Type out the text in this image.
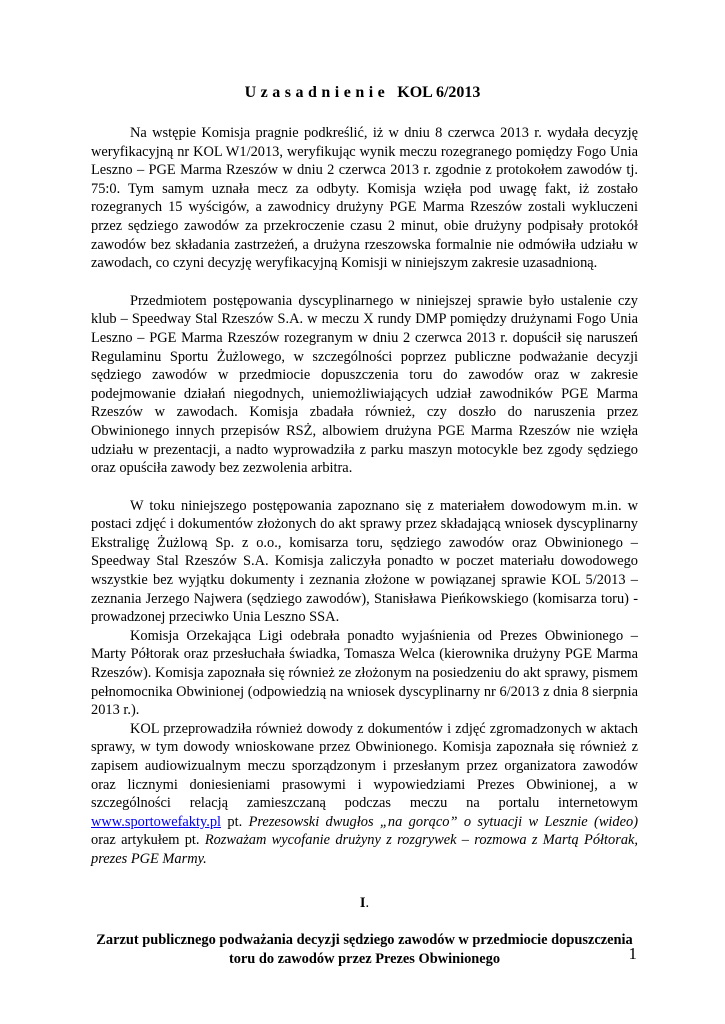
Uzasadnienie KOL 6/2013

Na wstępie Komisja pragnie podkreślić, iż w dniu 8 czerwca 2013 r. wydała decyzję weryfikacyjną nr KOL W1/2013, weryfikując wynik meczu rozegranego pomiędzy Fogo Unia Leszno – PGE Marma Rzeszów w dniu 2 czerwca 2013 r. zgodnie z protokołem zawodów tj. 75:0. Tym samym uznała mecz za odbyty. Komisja wzięła pod uwagę fakt, iż zostało rozegranych 15 wyścigów, a zawodnicy drużyny PGE Marma Rzeszów zostali wykluczeni przez sędziego zawodów za przekroczenie czasu 2 minut, obie drużyny podpisały protokół zawodów bez składania zastrzeżeń, a drużyna rzeszowska formalnie nie odmówiła udziału w zawodach, co czyni decyzję weryfikacyjną Komisji w niniejszym zakresie uzasadnioną.

Przedmiotem postępowania dyscyplinarnego w niniejszej sprawie było ustalenie czy klub – Speedway Stal Rzeszów S.A. w meczu X rundy DMP pomiędzy drużynami Fogo Unia Leszno – PGE Marma Rzeszów rozegranym w dniu 2 czerwca 2013 r. dopuścił się naruszeń Regulaminu Sportu Żużlowego, w szczególności poprzez publiczne podważanie decyzji sędziego zawodów w przedmiocie dopuszczenia toru do zawodów oraz w zakresie podejmowanie działań niegodnych, uniemożliwiających udział zawodników PGE Marma Rzeszów w zawodach. Komisja zbadała również, czy doszło do naruszenia przez Obwinionego innych przepisów RSŻ, albowiem drużyna PGE Marma Rzeszów nie wzięła udziału w prezentacji, a nadto wyprowadziła z parku maszyn motocykle bez zgody sędziego oraz opuściła zawody bez zezwolenia arbitra.

W toku niniejszego postępowania zapoznano się z materiałem dowodowym m.in. w postaci zdjęć i dokumentów złożonych do akt sprawy przez składającą wniosek dyscyplinarny Ekstraligę Żużlową Sp. z o.o., komisarza toru, sędziego zawodów oraz Obwinionego – Speedway Stal Rzeszów S.A. Komisja zaliczyła ponadto w poczet materiału dowodowego wszystkie bez wyjątku dokumenty i zeznania złożone w powiązanej sprawie KOL 5/2013 – zeznania Jerzego Najwera (sędziego zawodów), Stanisława Pieńkowskiego (komisarza toru) - prowadzonej przeciwko Unia Leszno SSA.

Komisja Orzekająca Ligi odebrała ponadto wyjaśnienia od Prezes Obwinionego – Marty Półtorak oraz przesłuchała świadka, Tomasza Welca (kierownika drużyny PGE Marma Rzeszów). Komisja zapoznała się również ze złożonym na posiedzeniu do akt sprawy, pismem pełnomocnika Obwinionej (odpowiedzią na wniosek dyscyplinarny nr 6/2013 z dnia 8 sierpnia 2013 r.).

KOL przeprowadziła również dowody z dokumentów i zdjęć zgromadzonych w aktach sprawy, w tym dowody wnioskowane przez Obwinionego. Komisja zapoznała się również z zapisem audiowizualnym meczu sporządzonym i przesłanym przez organizatora zawodów oraz licznymi doniesieniami prasowymi i wypowiedziami Prezes Obwinionej, a w szczególności relacją zamieszczaną podczas meczu na portalu internetowym www.sportowefakty.pl pt. Prezesowski dwugłos „na gorąco” o sytuacji w Lesznie (wideo) oraz artykułem pt. Rozważam wycofanie drużyny z rozgrywek – rozmowa z Martą Półtorak, prezes PGE Marmy.

I.

Zarzut publicznego podważania decyzji sędziego zawodów w przedmiocie dopuszczenia toru do zawodów przez Prezes Obwinionego	1
